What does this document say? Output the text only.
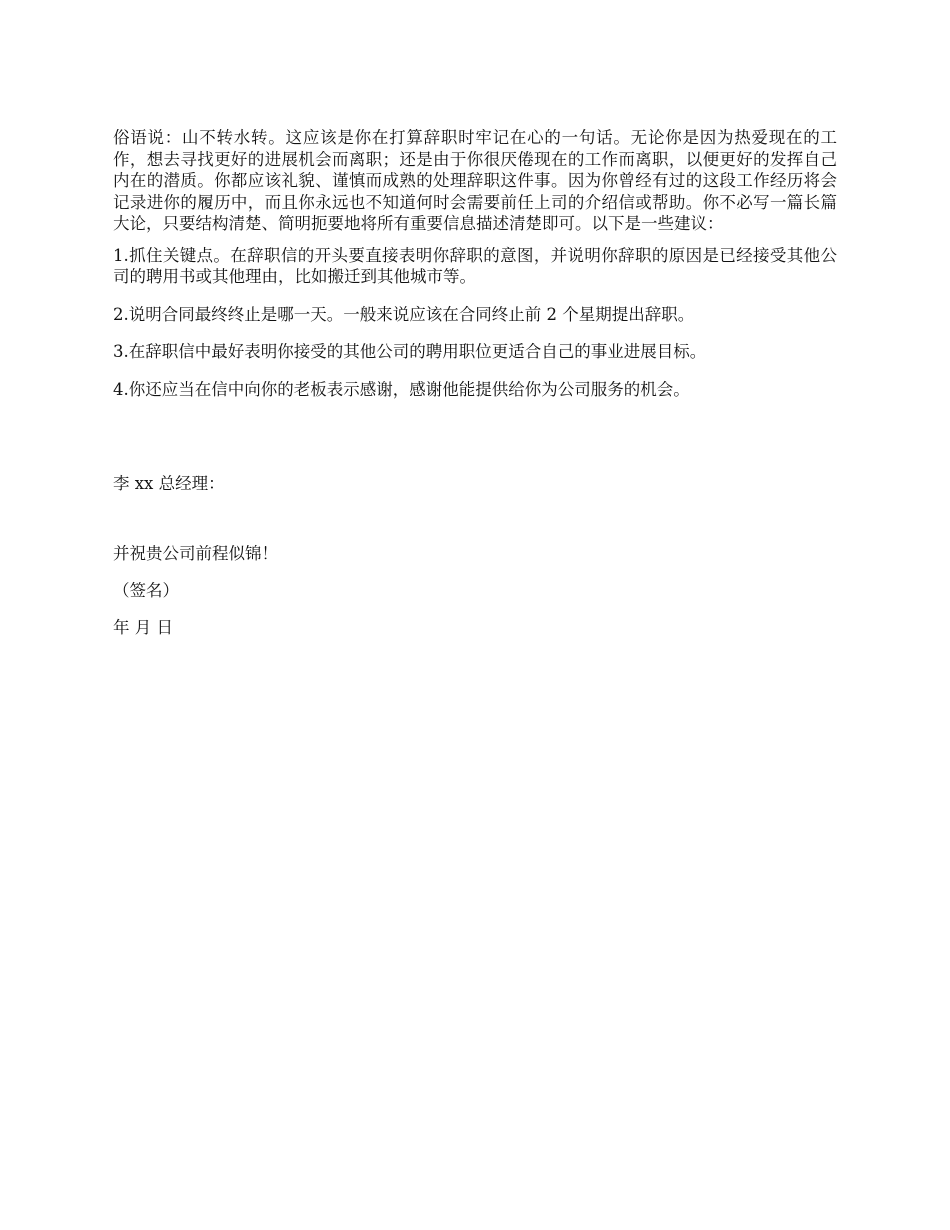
俗语说：山不转水转。这应该是你在打算辞职时牢记在心的一句话。无论你是因为热爱现在的工作，想去寻找更好的进展机会而离职；还是由于你很厌倦现在的工作而离职，以便更好的发挥自己内在的潜质。你都应该礼貌、谨慎而成熟的处理辞职这件事。因为你曾经有过的这段工作经历将会记录进你的履历中，而且你永远也不知道何时会需要前任上司的介绍信或帮助。你不必写一篇长篇大论，只要结构清楚、简明扼要地将所有重要信息描述清楚即可。以下是一些建议：

1.抓住关键点。在辞职信的开头要直接表明你辞职的意图，并说明你辞职的原因是已经接受其他公司的聘用书或其他理由，比如搬迁到其他城市等。

2.说明合同最终终止是哪一天。一般来说应该在合同终止前 2 个星期提出辞职。

3.在辞职信中最好表明你接受的其他公司的聘用职位更适合自己的事业进展目标。

4.你还应当在信中向你的老板表示感谢，感谢他能提供给你为公司服务的机会。

李 xx 总经理：
并祝贵公司前程似锦！
（签名）
年 月 日
